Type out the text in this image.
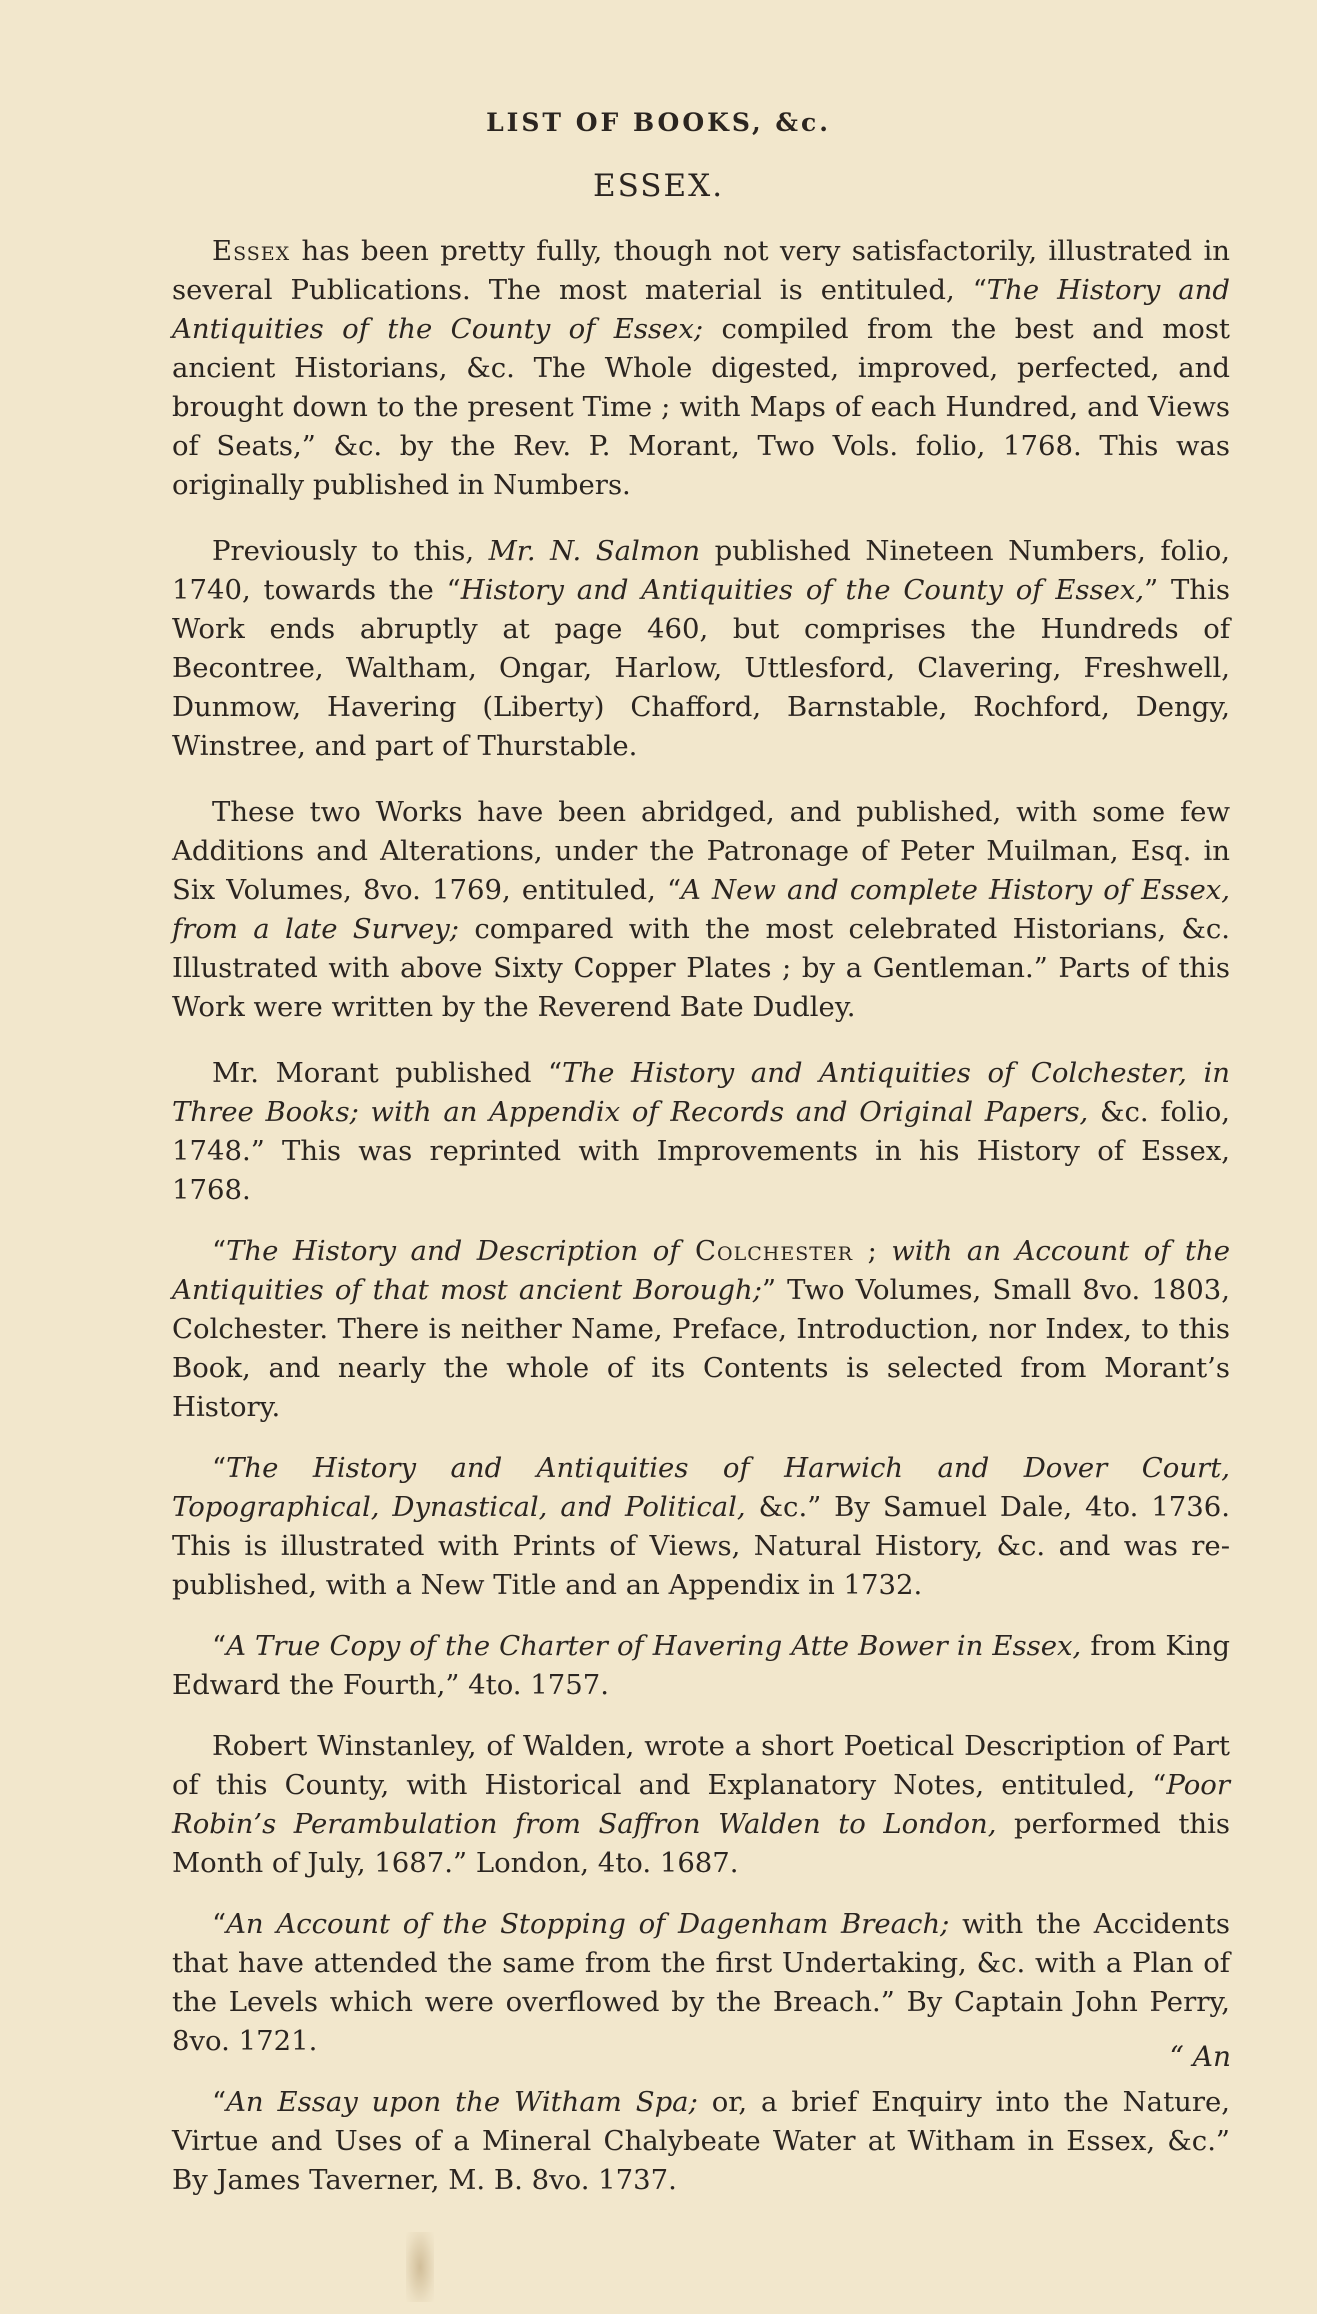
LIST OF BOOKS, &c.
ESSEX.

Essex has been pretty fully, though not very satisfactorily, illustrated in several Publications. The most material is entituled, “The History and Antiquities of the County of Essex; compiled from the best and most ancient Historians, &c. The Whole digested, improved, perfected, and brought down to the present Time ; with Maps of each Hundred, and Views of Seats,” &c. by the Rev. P. Morant, Two Vols. folio, 1768. This was originally published in Numbers.

Previously to this, Mr. N. Salmon published Nineteen Numbers, folio, 1740, towards the “History and Antiquities of the County of Essex,” This Work ends abruptly at page 460, but comprises the Hundreds of Becontree, Waltham, Ongar, Harlow, Uttlesford, Clavering, Freshwell, Dunmow, Havering (Liberty) Chafford, Barnstable, Rochford, Dengy, Winstree, and part of Thurstable.

These two Works have been abridged, and published, with some few Additions and Alterations, under the Patronage of Peter Muilman, Esq. in Six Volumes, 8vo. 1769, entituled, “A New and complete History of Essex, from a late Survey; compared with the most celebrated Historians, &c. Illustrated with above Sixty Copper Plates ; by a Gentleman.” Parts of this Work were written by the Reverend Bate Dudley.

Mr. Morant published “The History and Antiquities of Colchester, in Three Books; with an Appendix of Records and Original Papers, &c. folio, 1748.” This was reprinted with Improvements in his History of Essex, 1768.

“The History and Description of Colchester ; with an Account of the Antiquities of that most ancient Borough;” Two Volumes, Small 8vo. 1803, Colchester. There is neither Name, Preface, Introduction, nor Index, to this Book, and nearly the whole of its Contents is selected from Morant’s History.

“The History and Antiquities of Harwich and Dover Court, Topographical, Dynastical, and Political, &c.” By Samuel Dale, 4to. 1736. This is illustrated with Prints of Views, Natural History, &c. and was re-published, with a New Title and an Appendix in 1732.

“A True Copy of the Charter of Havering Atte Bower in Essex, from King Edward the Fourth,” 4to. 1757.

Robert Winstanley, of Walden, wrote a short Poetical Description of Part of this County, with Historical and Explanatory Notes, entituled, “Poor Robin’s Perambulation from Saffron Walden to London, performed this Month of July, 1687.” London, 4to. 1687.

“An Account of the Stopping of Dagenham Breach; with the Accidents that have attended the same from the first Undertaking, &c. with a Plan of the Levels which were overflowed by the Breach.” By Captain John Perry, 8vo. 1721.

“An Essay upon the Witham Spa; or, a brief Enquiry into the Nature, Virtue and Uses of a Mineral Chalybeate Water at Witham in Essex, &c.” By James Taverner, M. B. 8vo. 1737.

“ An
